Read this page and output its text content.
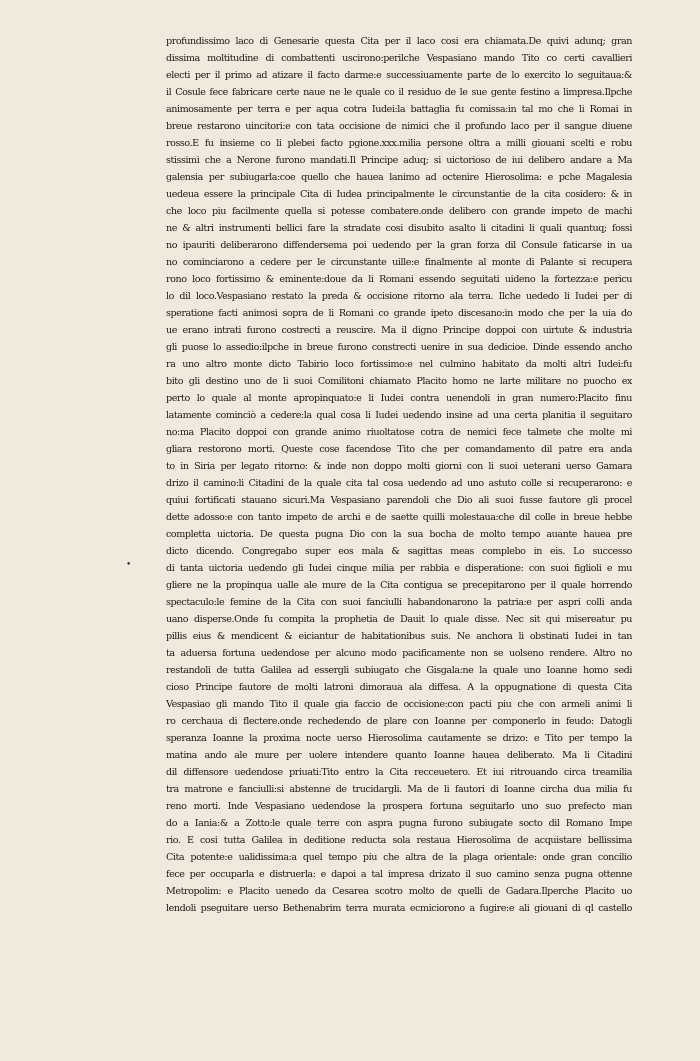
•
profundissimo laco di Genesarie questa Cita per il laco cosi era chiamata.De quivi adunq; gran
dissima moltitudine di combattenti uscirono:perilche Vespasiano mando Tito co certi cavallieri
electi per il primo ad atizare il facto darme:e successiuamente parte de lo exercito lo seguitaua:&
il Cosule fece fabricare certe naue ne le quale co il residuo de le sue gente festino a limpresa.Ilpche
animosamente per terra e per aqua cotra Iudei:la battaglia fu comissa:in tal mo che li Romai in
breue restarono uincitori:e con tata occisione de nimici che il profundo laco per il sangue diuene
rosso.E fu insieme co li plebei facto pgione.xxx.milia persone oltra a milli giouani scelti e robu
stissimi che a Nerone furono mandati.Il Principe aduq; si uictorioso de iui delibero andare a Ma
galensia per subiugarla:coe quello che hauea lanimo ad octenire Hierosolima: e pche Magalesia
uedeua essere la principale Cita di Iudea principalmente le circunstantie de la cita cosidero: & in
che loco piu facilmente quella si potesse combatere.onde delibero con grande impeto de machi
ne & altri instrumenti bellici fare la stradate cosi disubito asalto li citadini li quali quantuq; fossi
no ipauriti deliberarono diffendersema poi uedendo per la gran forza dil Consule faticarse in ua
no cominciarono a cedere per le circunstante uille:e finalmente al monte di Palante si recupera
rono loco fortissimo & eminente:doue da li Romani essendo seguitati uideno la fortezza:e pericu
lo dil loco.Vespasiano restato la preda & occisione ritorno ala terra. Ilche uededo li Iudei per di
speratione facti animosi sopra de li Romani co grande ipeto discesano:in modo che per la uia do
ue erano intrati furono costrecti a reuscire. Ma il digno Principe doppoi con uirtute & industria
gli puose lo assedio:ilpche in breue furono constrecti uenire in sua dedicioe. Dinde essendo ancho
ra uno altro monte dicto Tabirio loco fortissimo:e nel culmino habitato da molti altri Iudei:fu
bito gli destino uno de li suoi Comilitoni chiamato Placito homo ne larte militare no puocho ex
perto lo quale al monte apropinquato:e li Iudei contra uenendoli in gran numero:Placito finu
latamente cominciò a cedere:la qual cosa li Iudei uedendo insine ad una certa planitia il seguitaro
no:ma Placito doppoi con grande animo riuoltatose cotra de nemici fece talmete che molte mi
gliara restorono morti. Queste cose facendose Tito che per comandamento dil patre era anda
to in Siria per legato ritorno: & inde non doppo molti giorni con li suoi ueterani uerso Gamara
drizo il camino:li Citadini de la quale cita tal cosa uedendo ad uno astuto colle si recuperarono: e
quiui fortificati stauano sicuri.Ma Vespasiano parendoli che Dio ali suoi fusse fautore gli procel
dette adosso:e con tanto impeto de archi e de saette quilli molestaua:che dil colle in breue hebbe
completta uictoria. De questa pugna Dio con la sua bocha de molto tempo auante hauea pre
dicto dicendo. Congregabo super eos mala & sagittas meas complebo in eis. Lo successo
di tanta uictoria uedendo gli Iudei cinque milia per rabbia e disperatione: con suoi figlioli e mu
gliere ne la propinqua ualle ale mure de la Cita contigua se precepitarono per il quale horrendo
spectaculo:le femine de la Cita con suoi fanciulli habandonarono la patria:e per aspri colli anda
uano disperse.Onde fu compita la prophetia de Dauit lo quale disse. Nec sit qui misereatur pu
pillis eius & mendicent & eiciantur de habitationibus suis. Ne anchora li obstinati Iudei in tan
ta aduersa fortuna uedendose per alcuno modo pacificamente non se uolseno rendere. Altro no
restandoli de tutta Galilea ad essergli subiugato che Gisgala:ne la quale uno Ioanne homo sedi
cioso Principe fautore de molti latroni dimoraua ala diffesa. A la oppugnatione di questa Cita
Vespasiao gli mando Tito il quale gia faccio de occisione:con pacti piu che con armeli animi li
ro cerchaua di flectere.onde rechedendo de plare con Ioanne per componerlo in feudo: Datogli
speranza Ioanne la proxima nocte uerso Hierosolima cautamente se drizo: e Tito per tempo la
matina ando ale mure per uolere intendere quanto Ioanne hauea deliberato. Ma li Citadini
dil diffensore uedendose priuati:Tito entro la Cita recceuetero. Et iui ritrouando circa treamilia
tra matrone e fanciulli:si abstenne de trucidargli. Ma de li fautori di Ioanne circha dua milia fu
reno morti. Inde Vespasiano uedendose la prospera fortuna seguitarlo uno suo prefecto man
do a Iania:& a Zotto:le quale terre con aspra pugna furono subiugate socto dil Romano Impe
rio. E cosi tutta Galilea in deditione reducta sola restaua Hierosolima de acquistare bellissima
Cita potente:e ualidissima:a quel tempo piu che altra de la plaga orientale: onde gran concilio
fece per occuparla e distruerla: e dapoi a tal impresa drizato il suo camino senza pugna ottenne
Metropolim: e Placito uenedo da Cesarea scotro molto de quelli de Gadara.Ilperche Placito uo
lendoli pseguitare uerso Bethenabrim terra murata ecmiciorono a fugire:e ali giouani di ql castello
